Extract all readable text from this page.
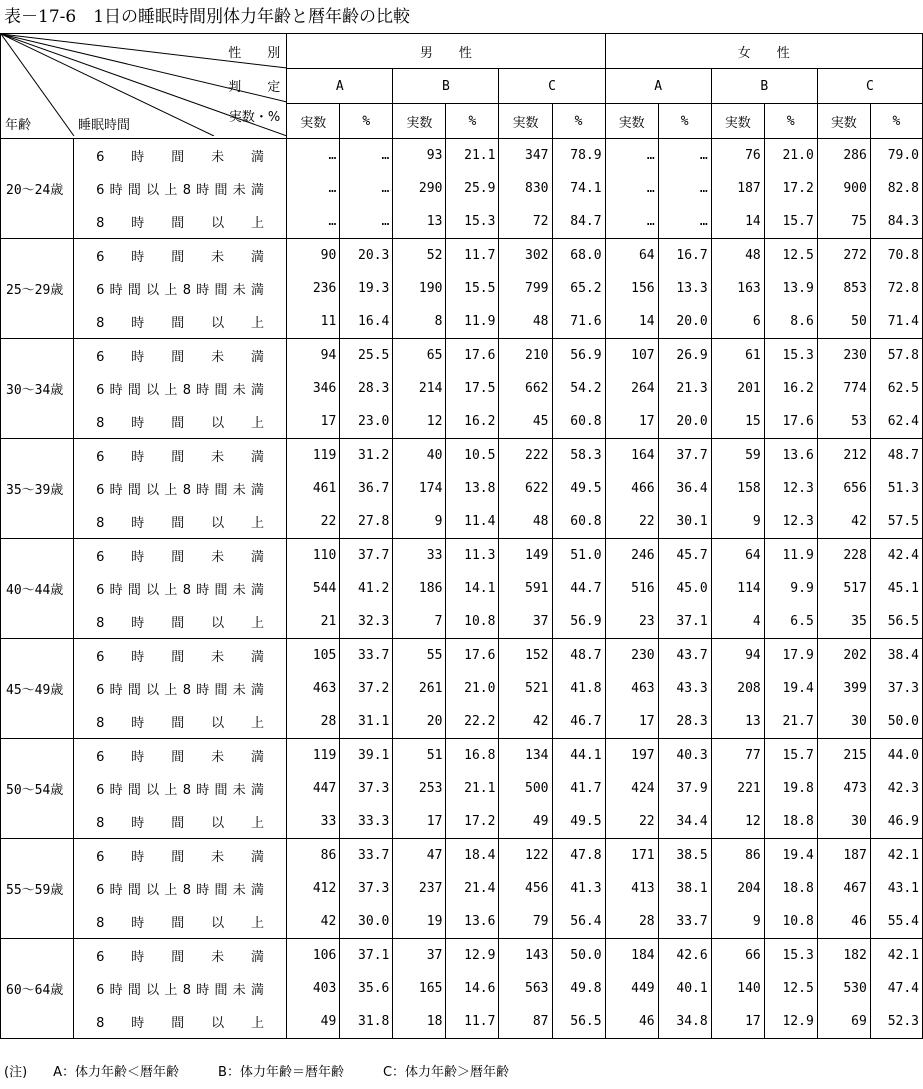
表－17-6　1日の睡眠時間別体力年齢と暦年齢の比較
性　　別
判　　定
実数・%
年齢 睡眠時間		男　　性						女　　性					
		A		B		C		A		B		C	
		実数	%	実数	%	実数	%	実数	%	実数	%	実数	%
20～24歳	6　時　間　未　満	…	…	93	21.1	347	78.9	…	…	76	21.0	286	79.0

	6時間以上8時間未満	…	…	290	25.9	830	74.1	…	…	187	17.2	900	82.8

	8　時　間　以　上	…	…	13	15.3	72	84.7	…	…	14	15.7	75	84.3
25～29歳	6　時　間　未　満	90	20.3	52	11.7	302	68.0	64	16.7	48	12.5	272	70.8

	6時間以上8時間未満	236	19.3	190	15.5	799	65.2	156	13.3	163	13.9	853	72.8

	8　時　間　以　上	11	16.4	8	11.9	48	71.6	14	20.0	6	8.6	50	71.4
30～34歳	6　時　間　未　満	94	25.5	65	17.6	210	56.9	107	26.9	61	15.3	230	57.8

	6時間以上8時間未満	346	28.3	214	17.5	662	54.2	264	21.3	201	16.2	774	62.5

	8　時　間　以　上	17	23.0	12	16.2	45	60.8	17	20.0	15	17.6	53	62.4
35～39歳	6　時　間　未　満	119	31.2	40	10.5	222	58.3	164	37.7	59	13.6	212	48.7

	6時間以上8時間未満	461	36.7	174	13.8	622	49.5	466	36.4	158	12.3	656	51.3

	8　時　間　以　上	22	27.8	9	11.4	48	60.8	22	30.1	9	12.3	42	57.5
40～44歳	6　時　間　未　満	110	37.7	33	11.3	149	51.0	246	45.7	64	11.9	228	42.4

	6時間以上8時間未満	544	41.2	186	14.1	591	44.7	516	45.0	114	9.9	517	45.1

	8　時　間　以　上	21	32.3	7	10.8	37	56.9	23	37.1	4	6.5	35	56.5
45～49歳	6　時　間　未　満	105	33.7	55	17.6	152	48.7	230	43.7	94	17.9	202	38.4

	6時間以上8時間未満	463	37.2	261	21.0	521	41.8	463	43.3	208	19.4	399	37.3

	8　時　間　以　上	28	31.1	20	22.2	42	46.7	17	28.3	13	21.7	30	50.0
50～54歳	6　時　間　未　満	119	39.1	51	16.8	134	44.1	197	40.3	77	15.7	215	44.0

	6時間以上8時間未満	447	37.3	253	21.1	500	41.7	424	37.9	221	19.8	473	42.3

	8　時　間　以　上	33	33.3	17	17.2	49	49.5	22	34.4	12	18.8	30	46.9
55～59歳	6　時　間　未　満	86	33.7	47	18.4	122	47.8	171	38.5	86	19.4	187	42.1

	6時間以上8時間未満	412	37.3	237	21.4	456	41.3	413	38.1	204	18.8	467	43.1

	8　時　間　以　上	42	30.0	19	13.6	79	56.4	28	33.7	9	10.8	46	55.4
60～64歳	6　時　間　未　満	106	37.1	37	12.9	143	50.0	184	42.6	66	15.3	182	42.1

	6時間以上8時間未満	403	35.6	165	14.6	563	49.8	449	40.1	140	12.5	530	47.4

	8　時　間　以　上	49	31.8	18	11.7	87	56.5	46	34.8	17	12.9	69	52.3
(注)　　A：体力年齢＜暦年齢　　　B：体力年齢＝暦年齢　　　C：体力年齢＞暦年齢
